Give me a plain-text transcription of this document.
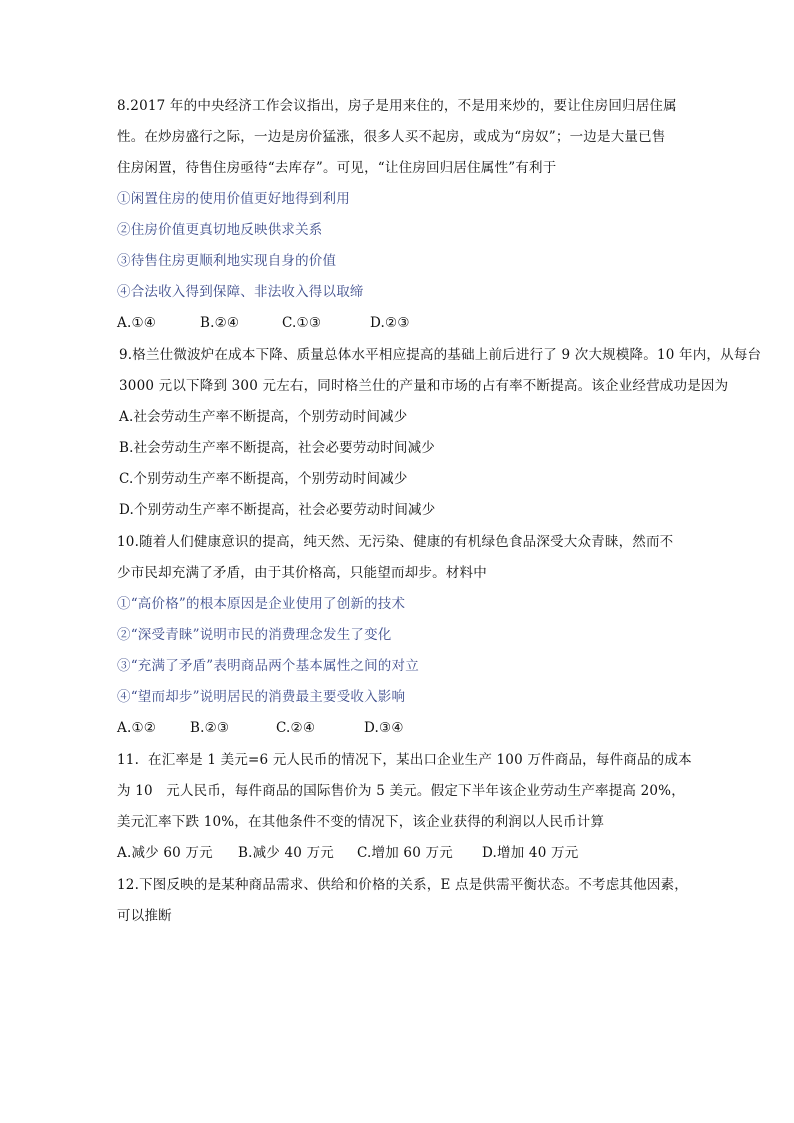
8.2017 年的中央经济工作会议指出，房子是用来住的，不是用来炒的，要让住房回归居住属
性。在炒房盛行之际，一边是房价猛涨，很多人买不起房，或成为“房奴”；一边是大量已售
住房闲置，待售住房亟待“去库存”。可见，“让住房回归居住属性”有利于
①闲置住房的使用价值更好地得到利用
②住房价值更真切地反映供求关系
③待售住房更顺利地实现自身的价值
④合法收入得到保障、非法收入得以取缔
A.①④	B.②④	C.①③	D.②③
9.格兰仕微波炉在成本下降、质量总体水平相应提高的基础上前后进行了 9 次大规模降。10 年内，从每台
3000 元以下降到 300 元左右，同时格兰仕的产量和市场的占有率不断提高。该企业经营成功是因为
A.社会劳动生产率不断提高，个别劳动时间减少
B.社会劳动生产率不断提高，社会必要劳动时间减少
C.个别劳动生产率不断提高，个别劳动时间减少
D.个别劳动生产率不断提高，社会必要劳动时间减少
10.随着人们健康意识的提高，纯天然、无污染、健康的有机绿色食品深受大众青睐，然而不
少市民却充满了矛盾，由于其价格高，只能望而却步。材料中
①“高价格”的根本原因是企业使用了创新的技术
②“深受青睐”说明市民的消费理念发生了变化
③“充满了矛盾”表明商品两个基本属性之间的对立
④“望而却步”说明居民的消费最主要受收入影响
A.①②	B.②③	C.②④	D.③④
11.  在汇率是 1 美元=6 元人民币的情况下，某出口企业生产 100 万件商品，每件商品的成本
为 10   元人民币，每件商品的国际售价为 5 美元。假定下半年该企业劳动生产率提高 20%，
美元汇率下跌 10%，在其他条件不变的情况下，该企业获得的利润以人民币计算
A.减少 60 万元 B.减少 40 万元 C.增加 60 万元 D.增加 40 万元
12.下图反映的是某种商品需求、供给和价格的关系，E 点是供需平衡状态。不考虑其他因素，
可以推断
